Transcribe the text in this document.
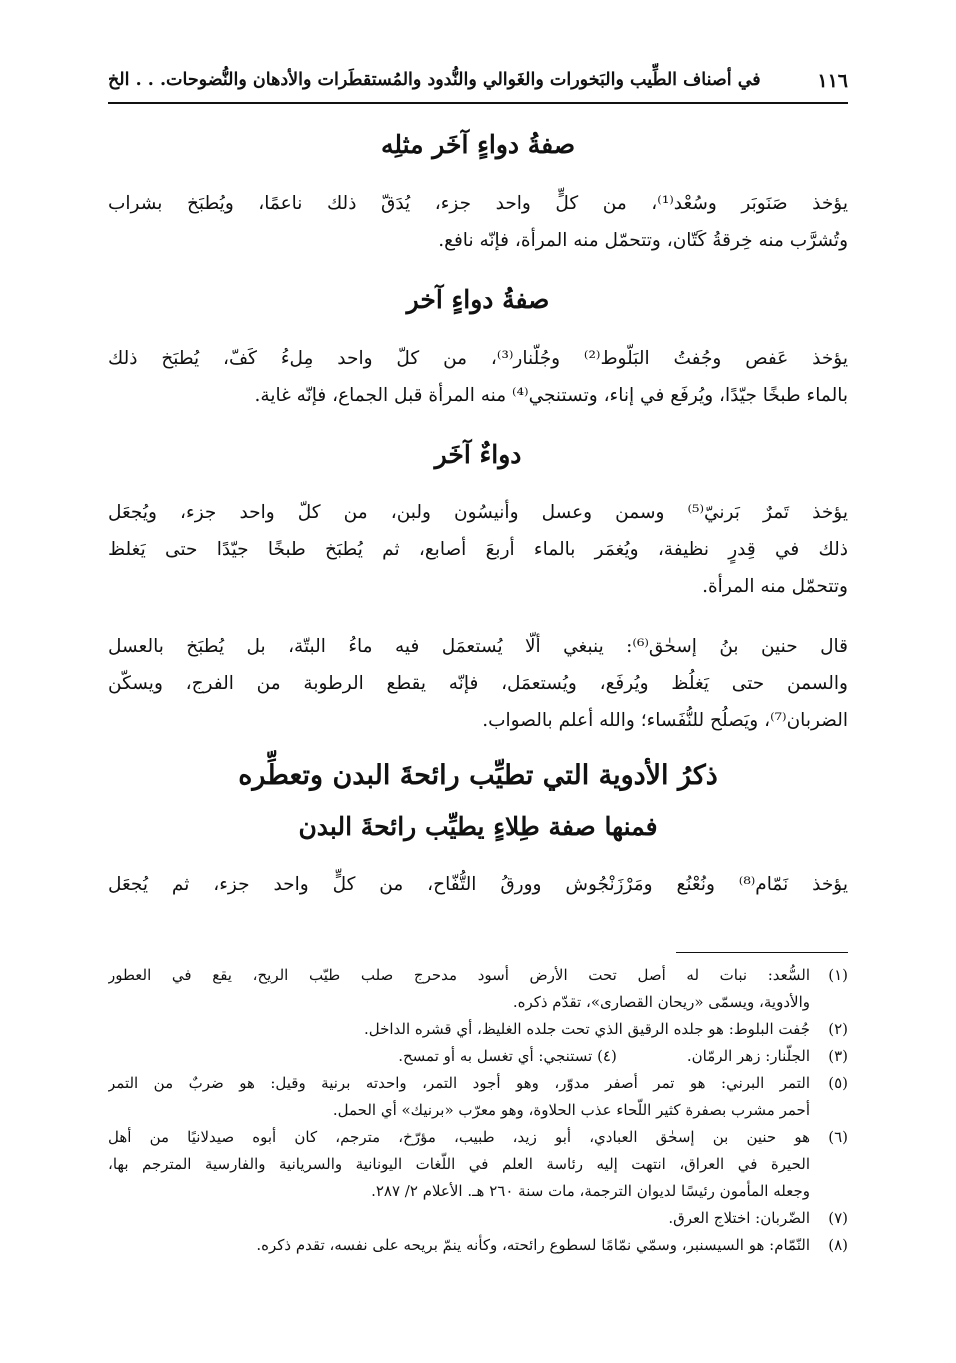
١١٦
في أصناف الطِّيب والبَخورات والغَوالي والنُّدود والمُستقطَرات والأدهان والنُّضوحات. . . الخ
صفةُ دواءٍ آخَر مثلِه
يؤخذ صَنَوبَر وسُعْد⁽¹⁾، من كلٍّ واحد جزء، يُدَقّ ذلك ناعمًا، ويُطبَخ بشراب
وتُشرَّب منه خِرقةُ كَتّان، وتتحمّل منه المرأة، فإنّه نافع.
صفةُ دواءٍ آخر
يؤخذ عَفص وجُفتُ البَلّوط⁽²⁾ وجُلّنار⁽³⁾، من كلّ واحد مِلءُ كَفّ، يُطبَخ ذلك
بالماء طبخًا جيّدًا، ويُرفَع في إناء، وتستنجي⁽⁴⁾ منه المرأة قبل الجماع، فإنّه غاية.
دواءٌ آخَر
يؤخذ تَمرٌ بَرنيّ⁽⁵⁾ وسمن وعسل وأنيسُون ولبن، من كلّ واحد جزء، ويُجعَل
ذلك في قِدرٍ نظيفة، ويُغمَر بالماء أربعَ أصابع، ثم يُطبَخ طبخًا جيّدًا حتى يَغلظ
وتتحمّل منه المرأة.
قال حنين بنُ إسحٰق⁽⁶⁾: ينبغي ألّا يُستعمَل فيه ماءُ البتّة، بل يُطبَخ بالعسل
والسمن حتى يَغلُظ ويُرفَع، ويُستعمَل، فإنّه يقطع الرطوبة من الفرج، ويسكّن
الضربان⁽⁷⁾، ويَصلُح للنُّفَساء؛ والله أعلم بالصواب.
ذكرُ الأدوية التي تطيِّب رائحةَ البدن وتعطِّره
فمنها صفة طِلاءٍ يطيِّب رائحةَ البدن
يؤخذ نَمّام⁽⁸⁾ ونُعْنُع ومَرْزَنْجُوش وورقُ التُّفّاح، من كلٍّ واحد جزء، ثم يُجعَل
(١)
السُّعد: نبات له أصل تحت الأرض أسود مدحرج صلب طيّب الريح، يقع في العطور
والأدوية، ويسمّى «ريحان القصارى»، تقدّم ذكره.
(٢)
جُفت البلوط: هو جلده الرقيق الذي تحت جلده الغليظ، أي قشره الداخل.
(٣)
الجلّنار: زهر الرمّان.
(٤) تستنجي: أي تغسل به أو تمسح.
(٥)
التمر البرني: هو تمر أصفر مدوّر، وهو أجود التمر، واحدته برنية وقيل: هو ضربٌ من التمر
أحمر مشرب بصفرة كثير اللّحاء عذب الحلاوة، وهو معرّب «برنيك» أي الحمل.
(٦)
هو حنين بن إسحٰق العبادي، أبو زيد، طبيب، مؤرّخ، مترجم، كان أبوه صيدلانيًا من أهل
الحيرة في العراق، انتهت إليه رئاسة العلم في اللّغات اليونانية والسريانية والفارسية المترجم بها،
وجعله المأمون رئيسًا لديوان الترجمة، مات سنة ٢٦٠ هـ. الأعلام ٢/ ٢٨٧.
(٧)
الضّربان: اختلاج العرق.
(٨)
النّمّام: هو السيسنبر، وسمّي نمّامًا لسطوع رائحته، وكأنه ينمّ بريحه على نفسه، تقدم ذكره.
